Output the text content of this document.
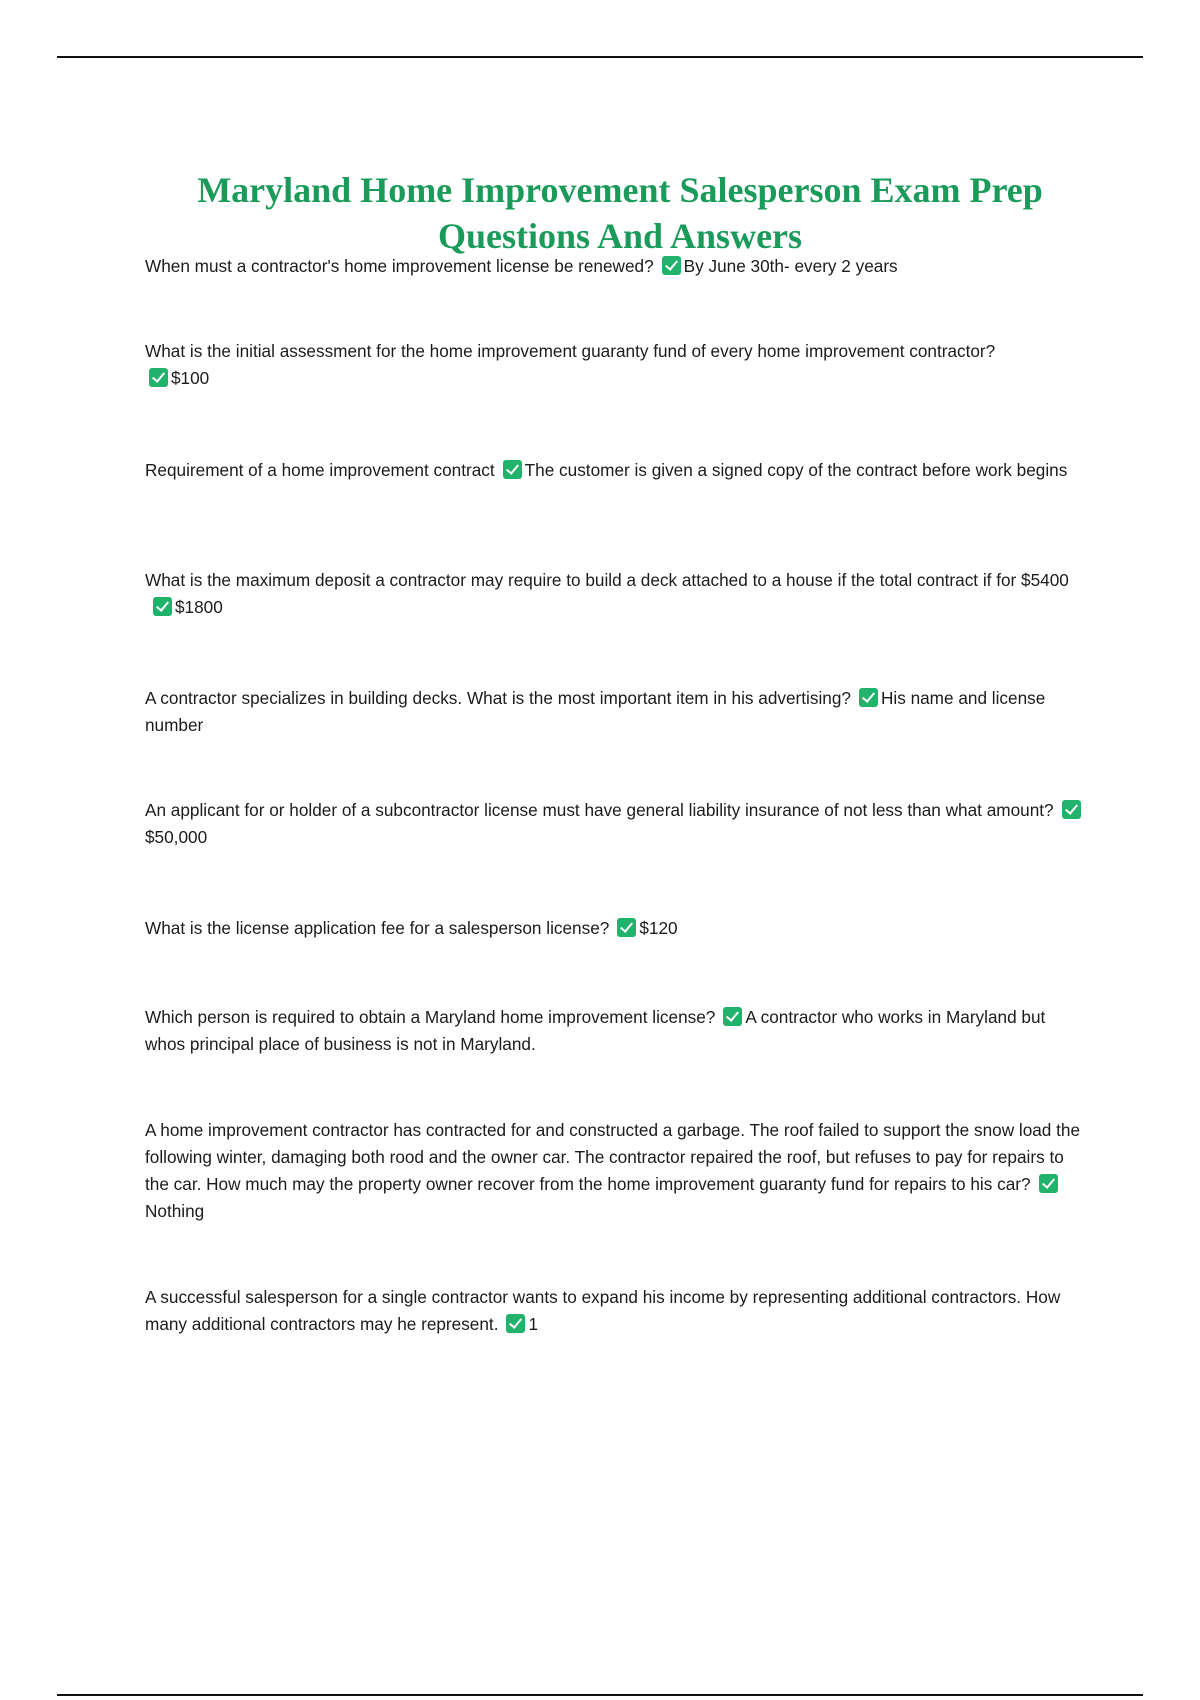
Maryland Home Improvement Salesperson Exam Prep Questions And Answers
When must a contractor's home improvement license be renewed? By June 30th- every 2 years
What is the initial assessment for the home improvement guaranty fund of every home improvement contractor?
$100
Requirement of a home improvement contract The customer is given a signed copy of the contract before work begins
What is the maximum deposit a contractor may require to build a deck attached to a house if the total contract if for $5400$1800
A contractor specializes in building decks. What is the most important item in his advertising? His name and license number
An applicant for or holder of a subcontractor license must have general liability insurance of not less than what amount?$50,000
What is the license application fee for a salesperson license? $120
Which person is required to obtain a Maryland home improvement license? A contractor who works in Maryland but whos principal place of business is not in Maryland.
A home improvement contractor has contracted for and constructed a garbage. The roof failed to support the snow load the following winter, damaging both rood and the owner car. The contractor repaired the roof, but refuses to pay for repairs to the car. How much may the property owner recover from the home improvement guaranty fund for repairs to his car?Nothing
A successful salesperson for a single contractor wants to expand his income by representing additional contractors. How many additional contractors may he represent. 1
